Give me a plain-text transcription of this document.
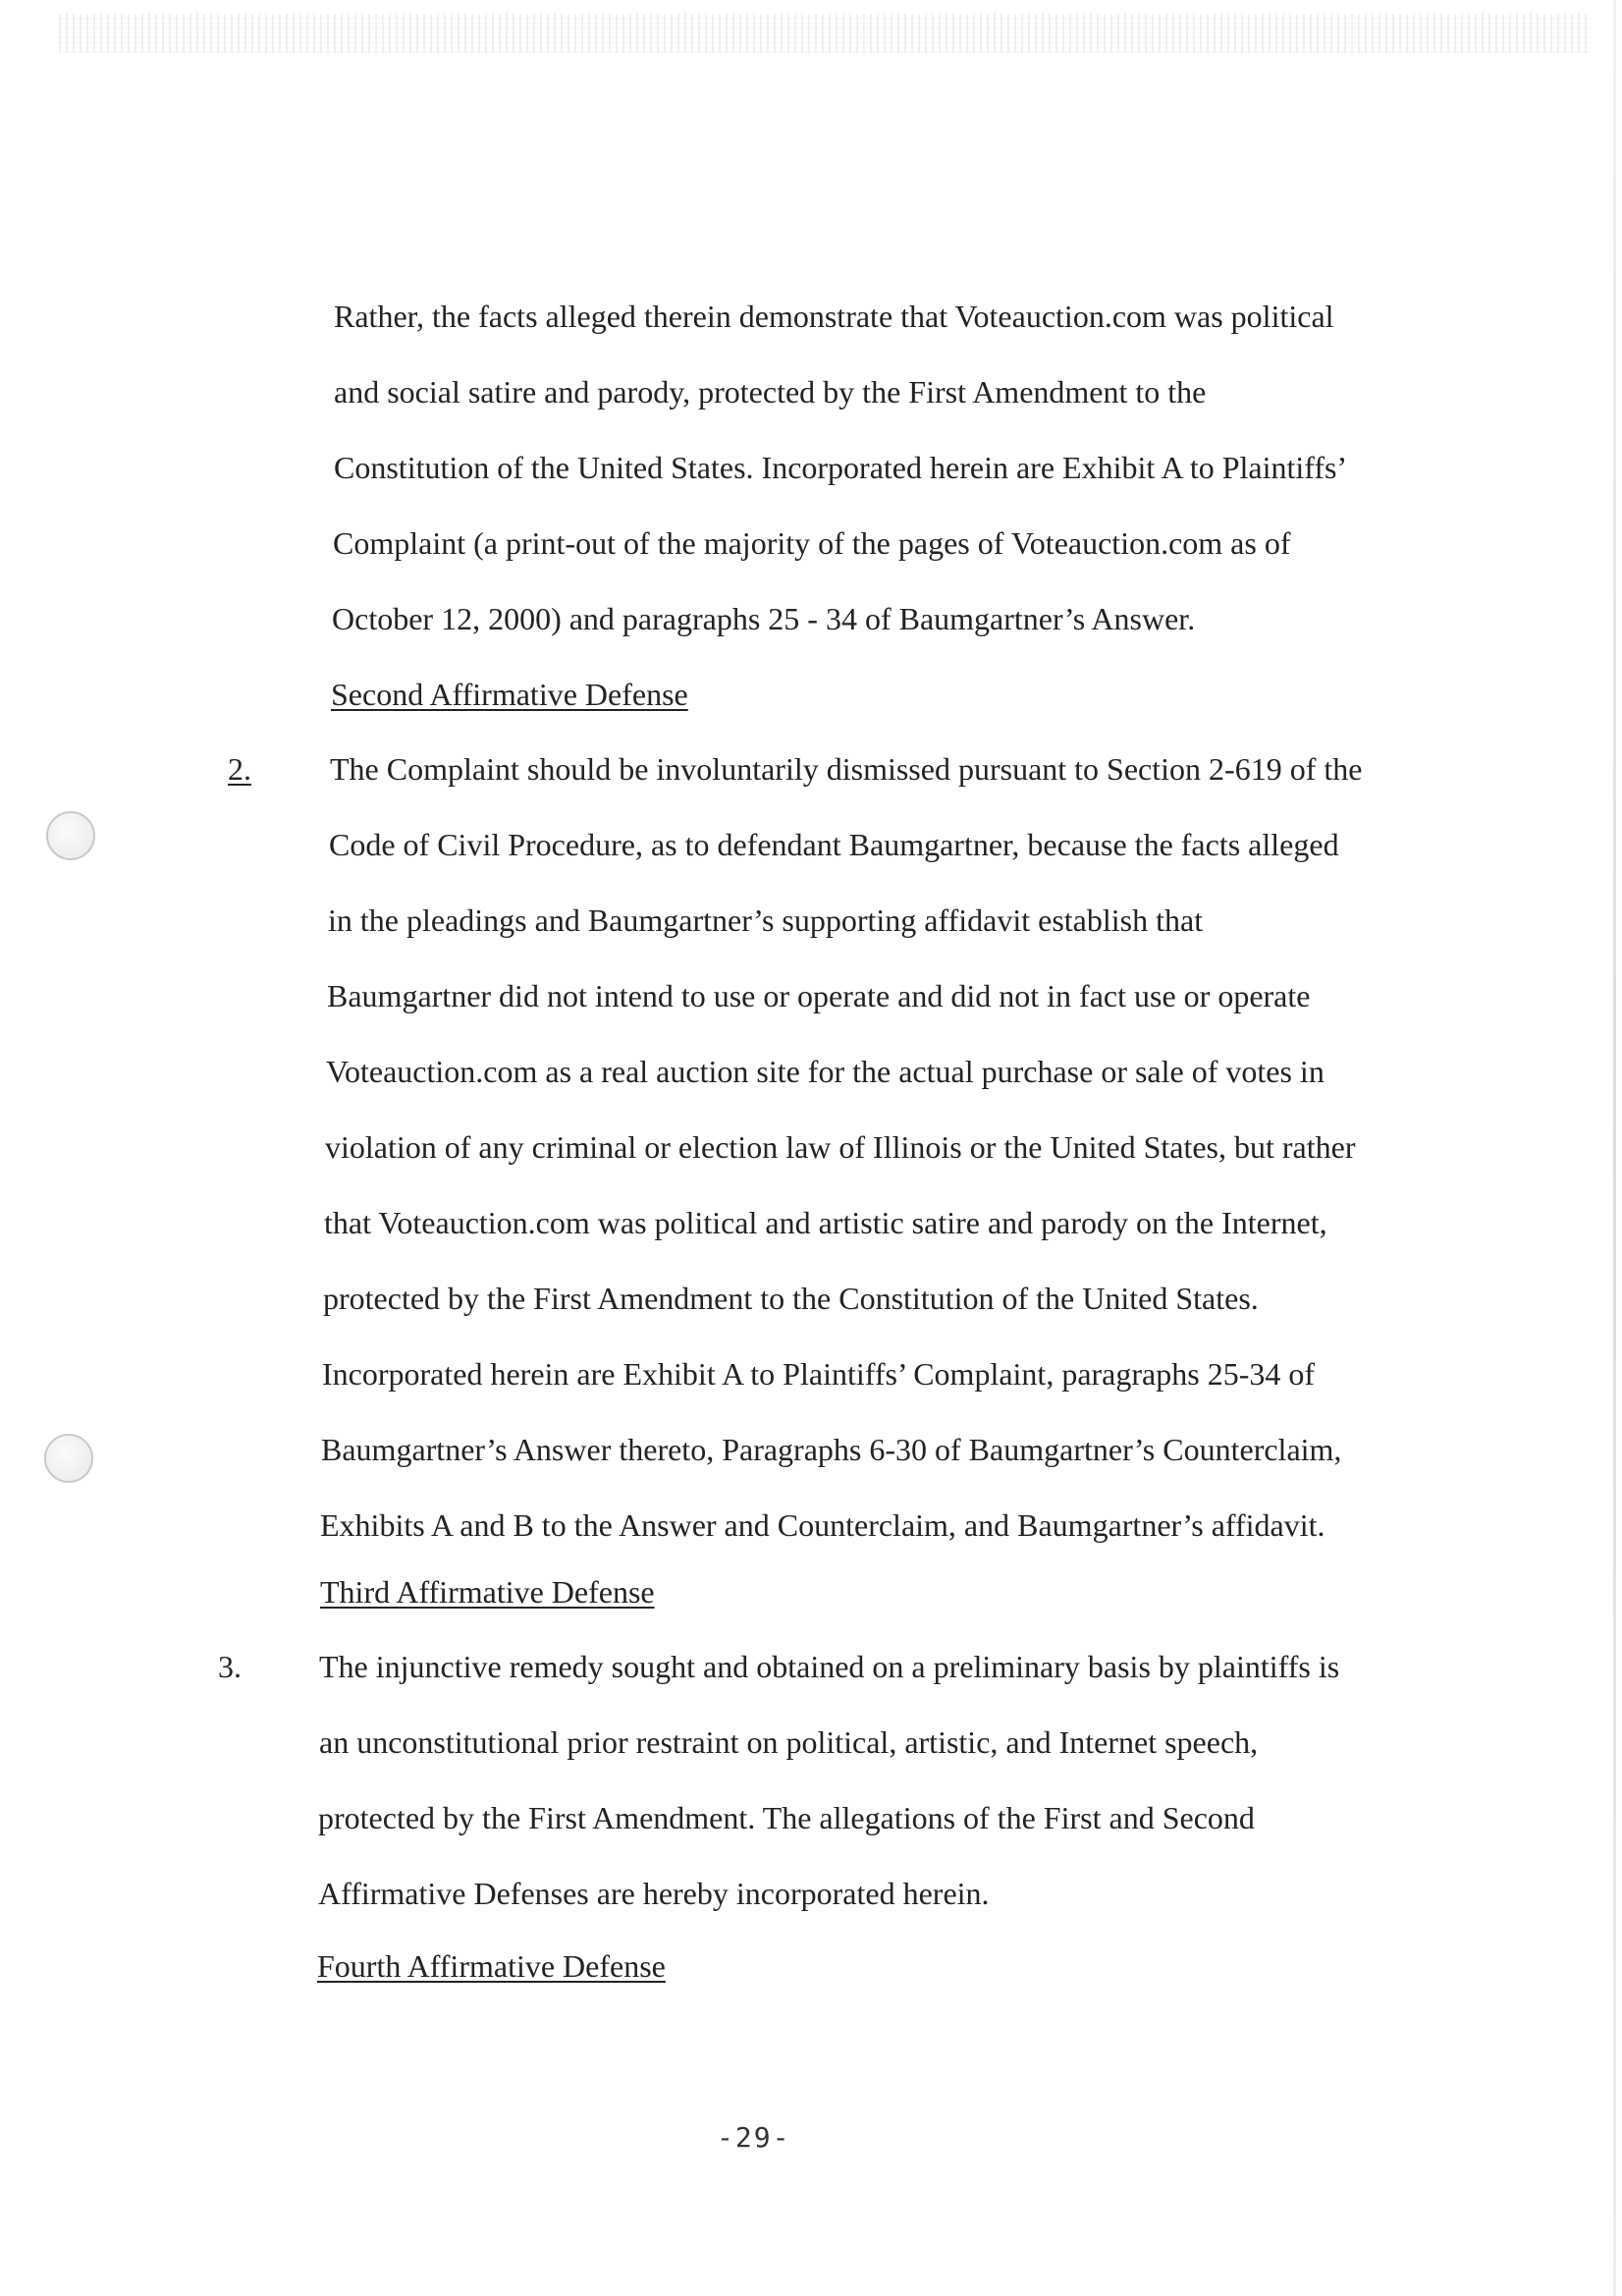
Rather, the facts alleged therein demonstrate that Voteauction.com was political
and social satire and parody, protected by the First Amendment to the
Constitution of the United States. Incorporated herein are Exhibit A to Plaintiffs’
Complaint (a print-out of the majority of the pages of Voteauction.com as of
October 12, 2000) and paragraphs 25 - 34 of Baumgartner’s Answer.
Second Affirmative Defense
2.	The Complaint should be involuntarily dismissed pursuant to Section 2-619 of the
Code of Civil Procedure, as to defendant Baumgartner, because the facts alleged
in the pleadings and Baumgartner’s supporting affidavit establish that
Baumgartner did not intend to use or operate and did not in fact use or operate
Voteauction.com as a real auction site for the actual purchase or sale of votes in
violation of any criminal or election law of Illinois or the United States, but rather
that Voteauction.com was political and artistic satire and parody on the Internet,
protected by the First Amendment to the Constitution of the United States.
Incorporated herein are Exhibit A to Plaintiffs’ Complaint, paragraphs 25-34 of
Baumgartner’s Answer thereto, Paragraphs 6-30 of Baumgartner’s Counterclaim,
Exhibits A and B to the Answer and Counterclaim, and Baumgartner’s affidavit.
Third Affirmative Defense
3. The injunctive remedy sought and obtained on a preliminary basis by plaintiffs is
an unconstitutional prior restraint on political, artistic, and Internet speech,
protected by the First Amendment. The allegations of the First and Second
Affirmative Defenses are hereby incorporated herein.
Fourth Affirmative Defense
-29-
